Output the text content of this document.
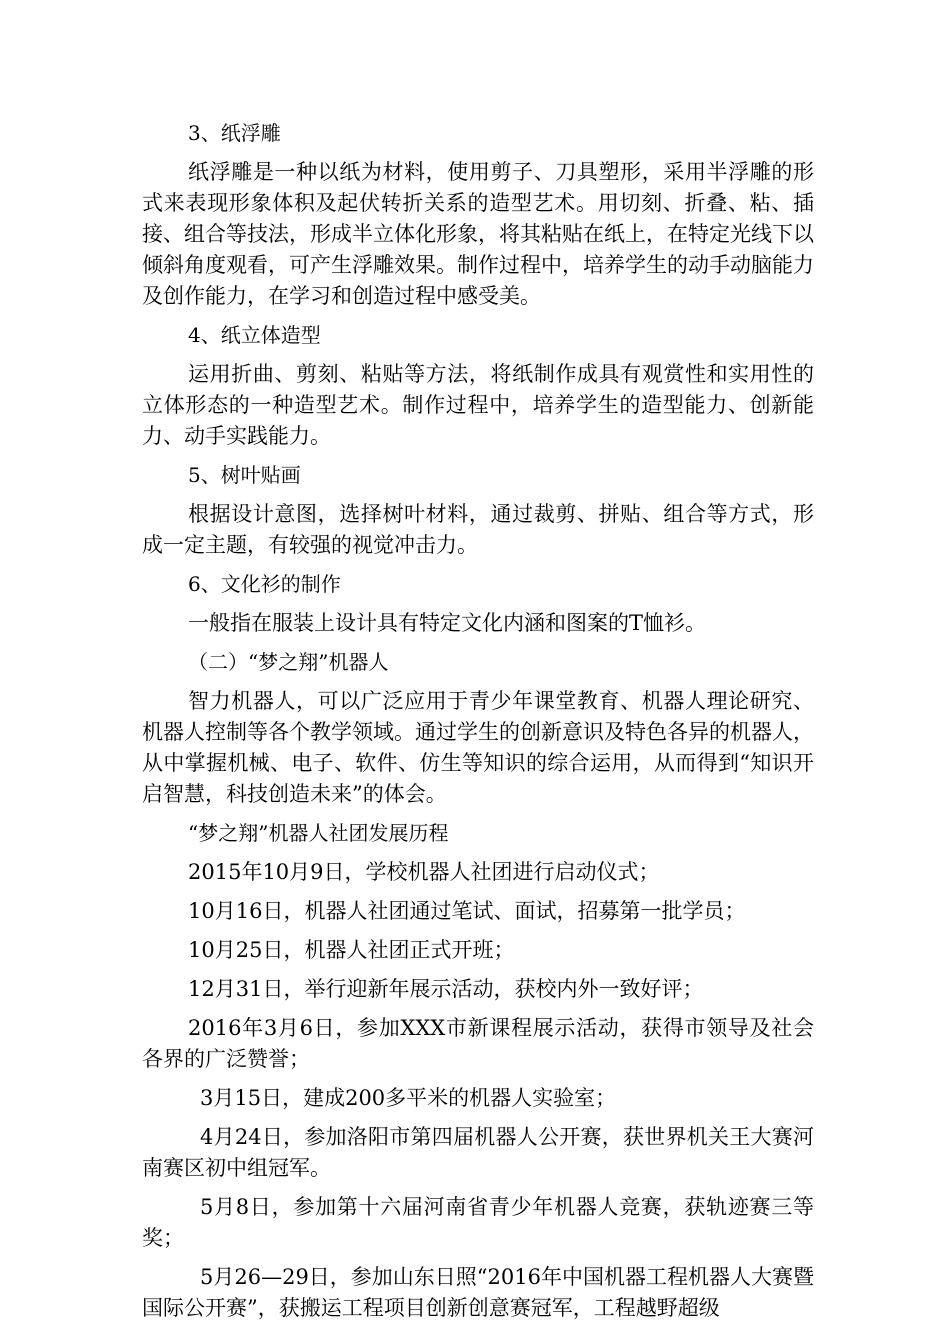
3、纸浮雕

纸浮雕是一种以纸为材料，使用剪子、刀具塑形，采用半浮雕的形式来表现形象体积及起伏转折关系的造型艺术。用切刻、折叠、粘、插接、组合等技法，形成半立体化形象，将其粘贴在纸上，在特定光线下以倾斜角度观看，可产生浮雕效果。制作过程中，培养学生的动手动脑能力及创作能力，在学习和创造过程中感受美。

4、纸立体造型

运用折曲、剪刻、粘贴等方法，将纸制作成具有观赏性和实用性的立体形态的一种造型艺术。制作过程中，培养学生的造型能力、创新能力、动手实践能力。

5、树叶贴画

根据设计意图，选择树叶材料，通过裁剪、拼贴、组合等方式，形成一定主题，有较强的视觉冲击力。

6、文化衫的制作

一般指在服装上设计具有特定文化内涵和图案的T恤衫。

（二）“梦之翔”机器人

智力机器人，可以广泛应用于青少年课堂教育、机器人理论研究、机器人控制等各个教学领域。通过学生的创新意识及特色各异的机器人，从中掌握机械、电子、软件、仿生等知识的综合运用，从而得到“知识开启智慧，科技创造未来”的体会。

“梦之翔”机器人社团发展历程

2015年10月9日，学校机器人社团进行启动仪式；

10月16日，机器人社团通过笔试、面试，招募第一批学员；

10月25日，机器人社团正式开班；

12月31日，举行迎新年展示活动，获校内外一致好评；

2016年3月6日，参加XXX市新课程展示活动，获得市领导及社会各界的广泛赞誉；

3月15日，建成200多平米的机器人实验室；

4月24日，参加洛阳市第四届机器人公开赛，获世界机关王大赛河南赛区初中组冠军。

5月8日，参加第十六届河南省青少年机器人竞赛，获轨迹赛三等奖；

5月26—29日，参加山东日照“2016年中国机器工程机器人大赛暨国际公开赛”，获搬运工程项目创新创意赛冠军，工程越野超级
